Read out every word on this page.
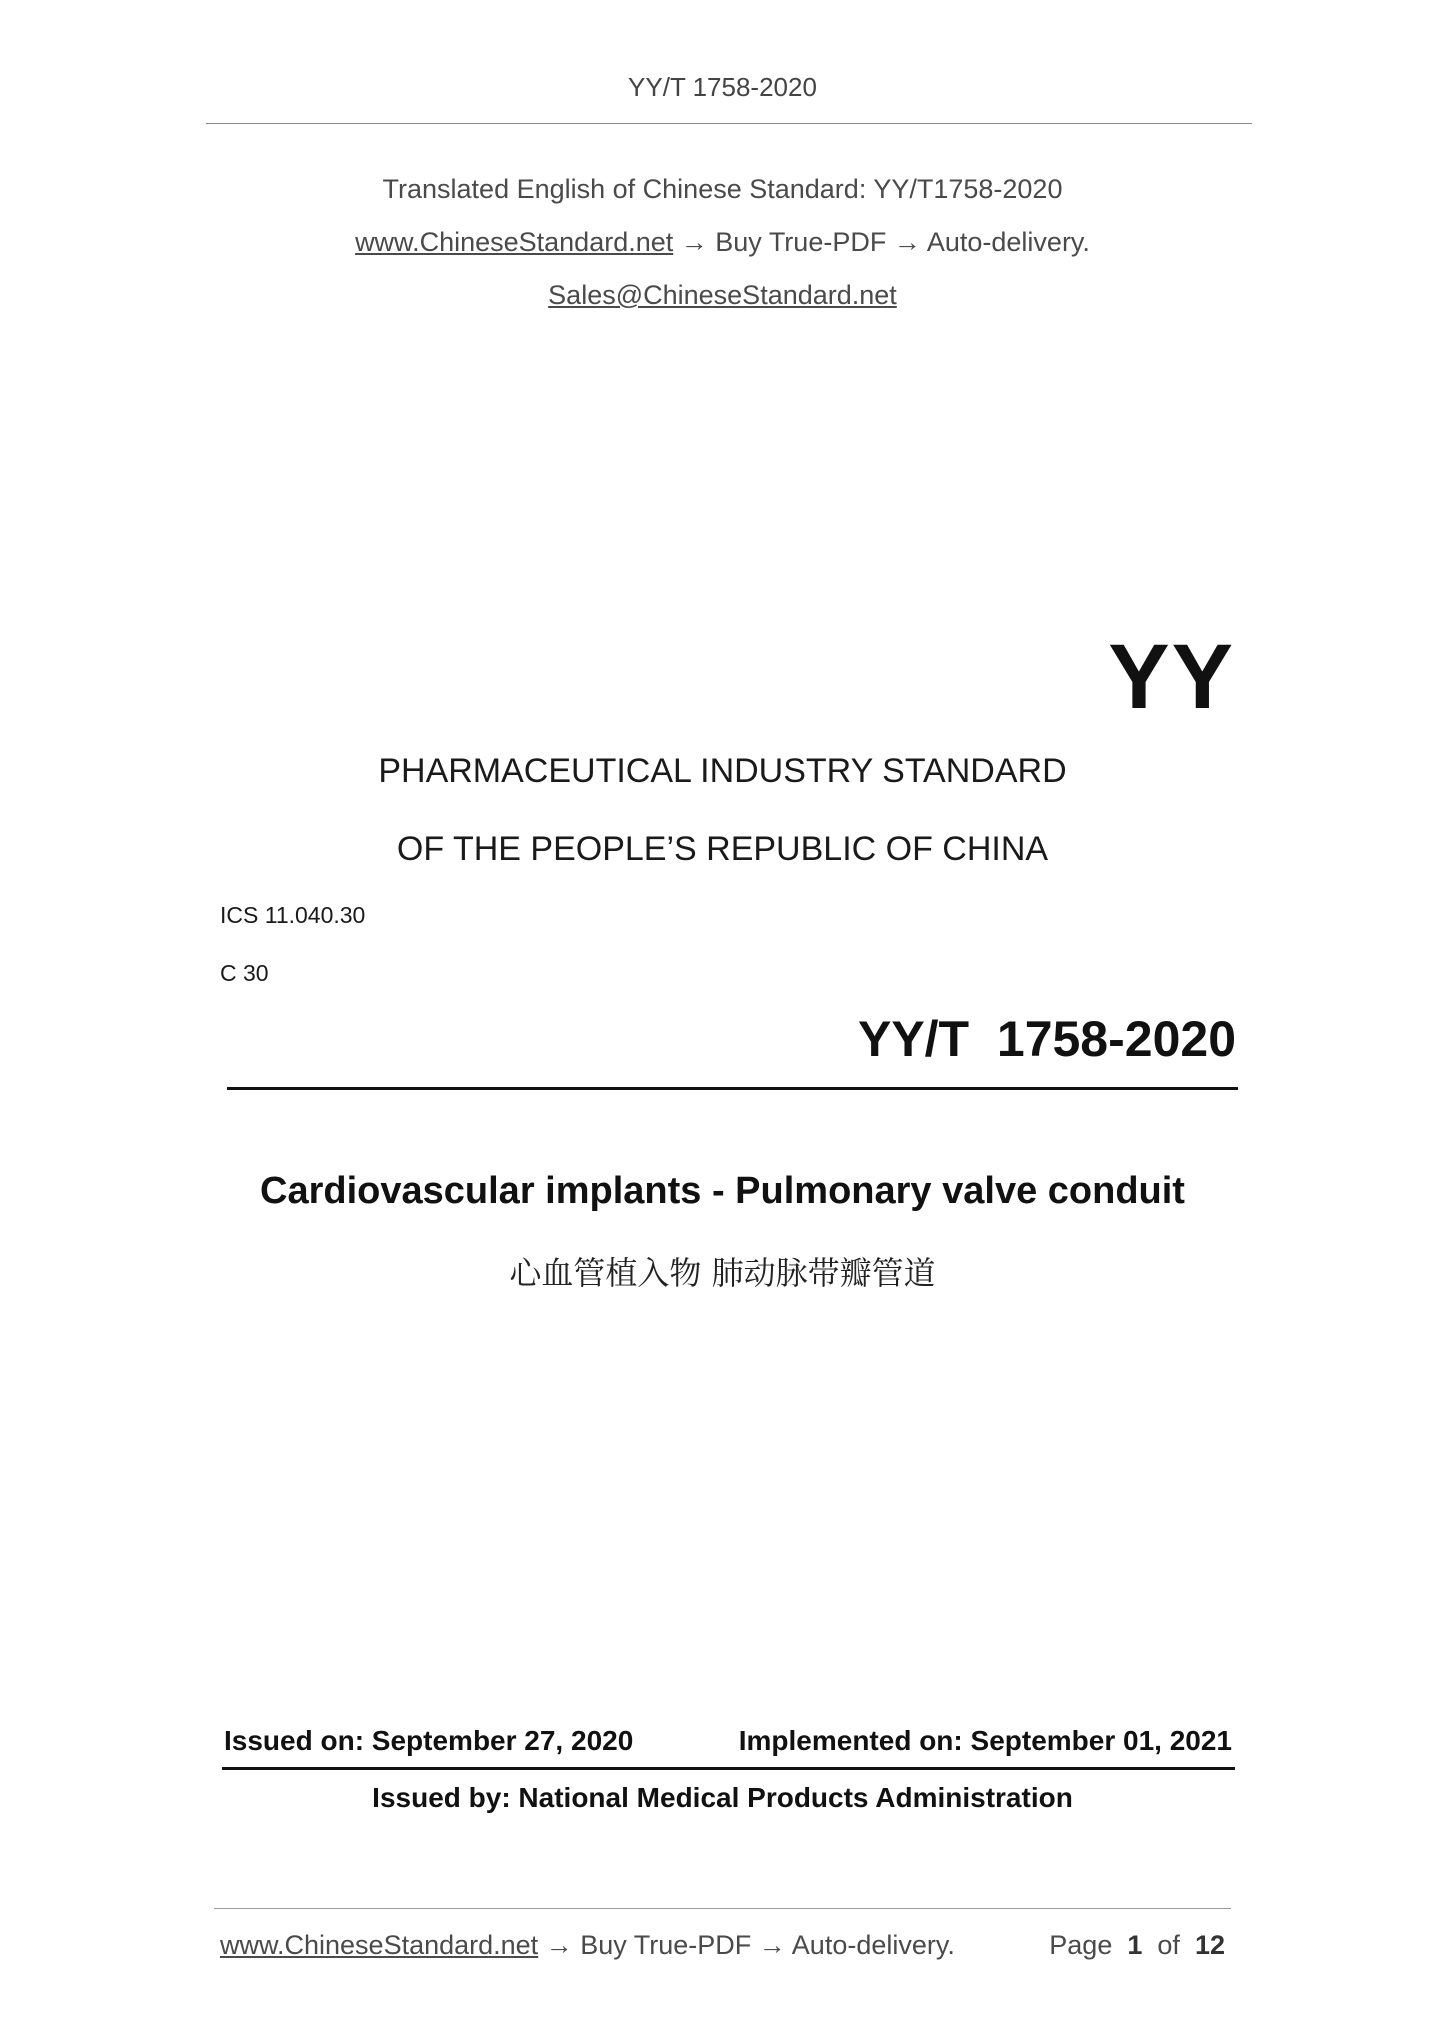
YY/T 1758-2020
Translated English of Chinese Standard: YY/T1758-2020
www.ChineseStandard.net → Buy True-PDF → Auto-delivery.
Sales@ChineseStandard.net
YY
PHARMACEUTICAL INDUSTRY STANDARD
OF THE PEOPLE’S REPUBLIC OF CHINA
ICS 11.040.30
C 30
YY/T  1758-2020
Cardiovascular implants - Pulmonary valve conduit
心血管植入物 肺动脉带瓣管道
Issued on: September 27, 2020	Implemented on: September 01, 2021
Issued by: National Medical Products Administration
www.ChineseStandard.net → Buy True-PDF → Auto-delivery.	Page 1 of 12
